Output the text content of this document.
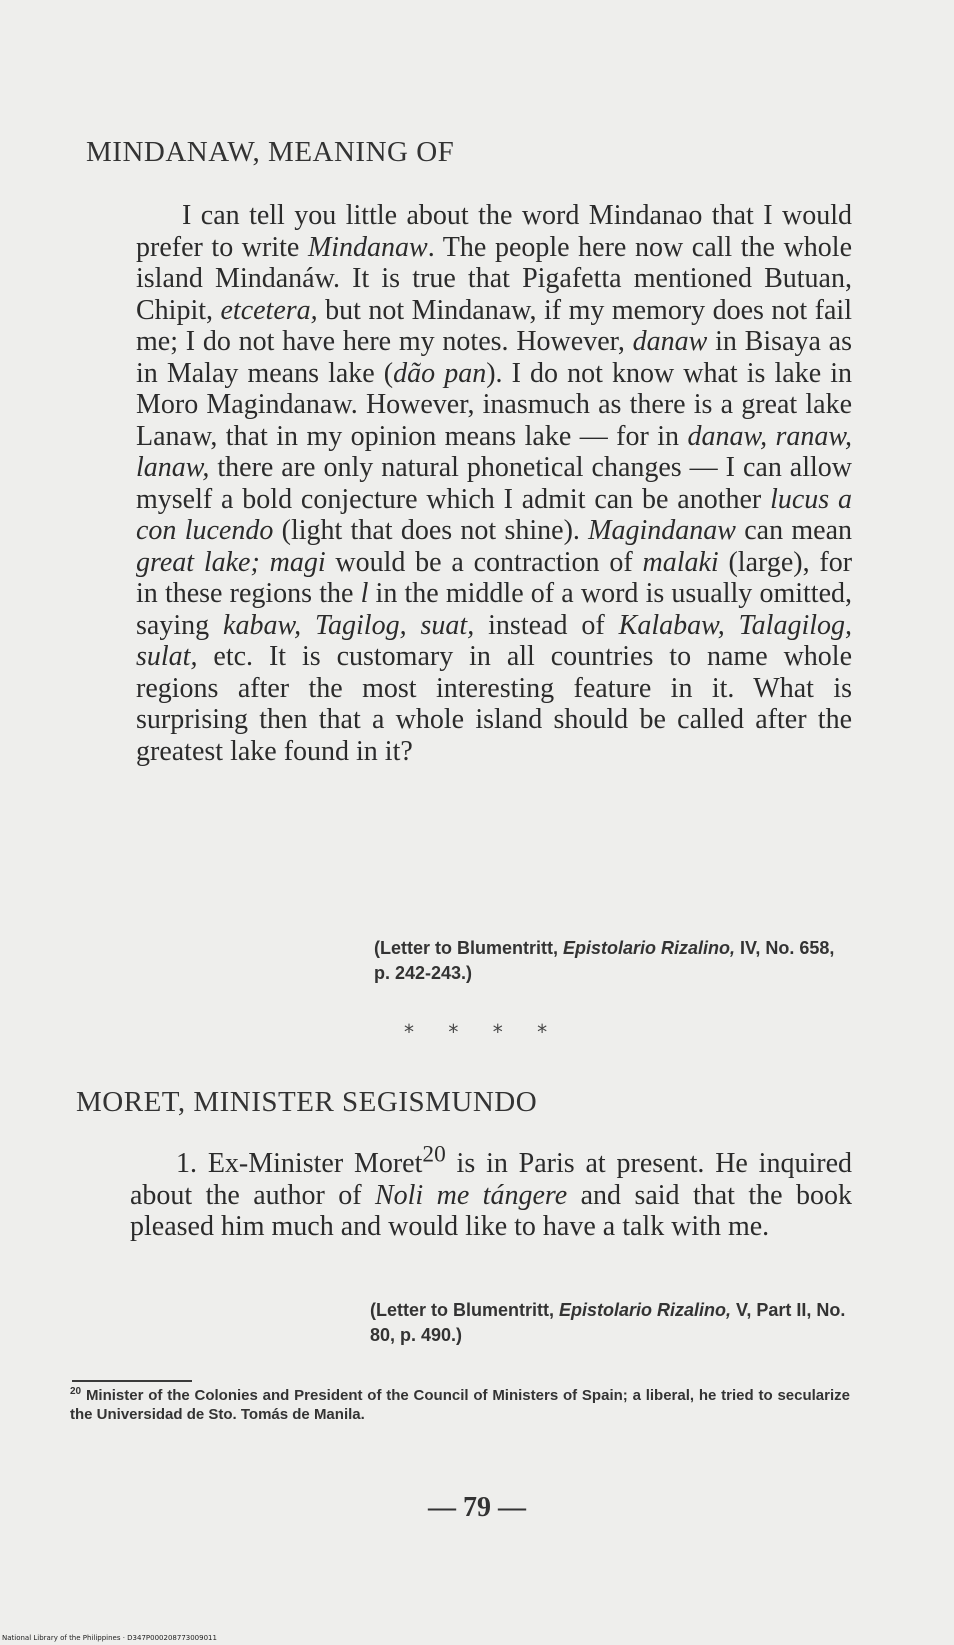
MINDANAW, MEANING OF

I can tell you little about the word Mindanao that I would prefer to write Mindanaw. The people here now call the whole island Mindanáw. It is true that Pigafetta mentioned Butuan, Chipit, etcetera, but not Mindanaw, if my memory does not fail me; I do not have here my notes. However, danaw in Bisaya as in Malay means lake (dão pan). I do not know what is lake in Moro Magindanaw. However, inasmuch as there is a great lake Lanaw, that in my opinion means lake — for in danaw, ranaw, lanaw, there are only natural phonetical changes — I can allow myself a bold conjecture which I admit can be another lucus a con lucendo (light that does not shine). Magindanaw can mean great lake; magi would be a contraction of malaki (large), for in these regions the l in the middle of a word is usually omitted, saying kabaw, Tagilog, suat, instead of Kalabaw, Talagilog, sulat, etc. It is customary in all countries to name whole regions after the most interesting feature in it. What is surprising then that a whole island should be called after the greatest lake found in it?

(Letter to Blumentritt, Epistolario Rizalino, IV, No. 658, p. 242-243.)

* * * *
MORET, MINISTER SEGISMUNDO

1. Ex-Minister Moret$^{20}$ is in Paris at present. He inquired about the author of Noli me tángere and said that the book pleased him much and would like to have a talk with me.

(Letter to Blumentritt, Epistolario Rizalino, V, Part II, No. 80, p. 490.)

$^{20}$ Minister of the Colonies and President of the Council of Ministers of Spain; a liberal, he tried to secularize the Universidad de Sto. Tomás de Manila.

— 79 —
National Library of the Philippines · D347P000208773009011
